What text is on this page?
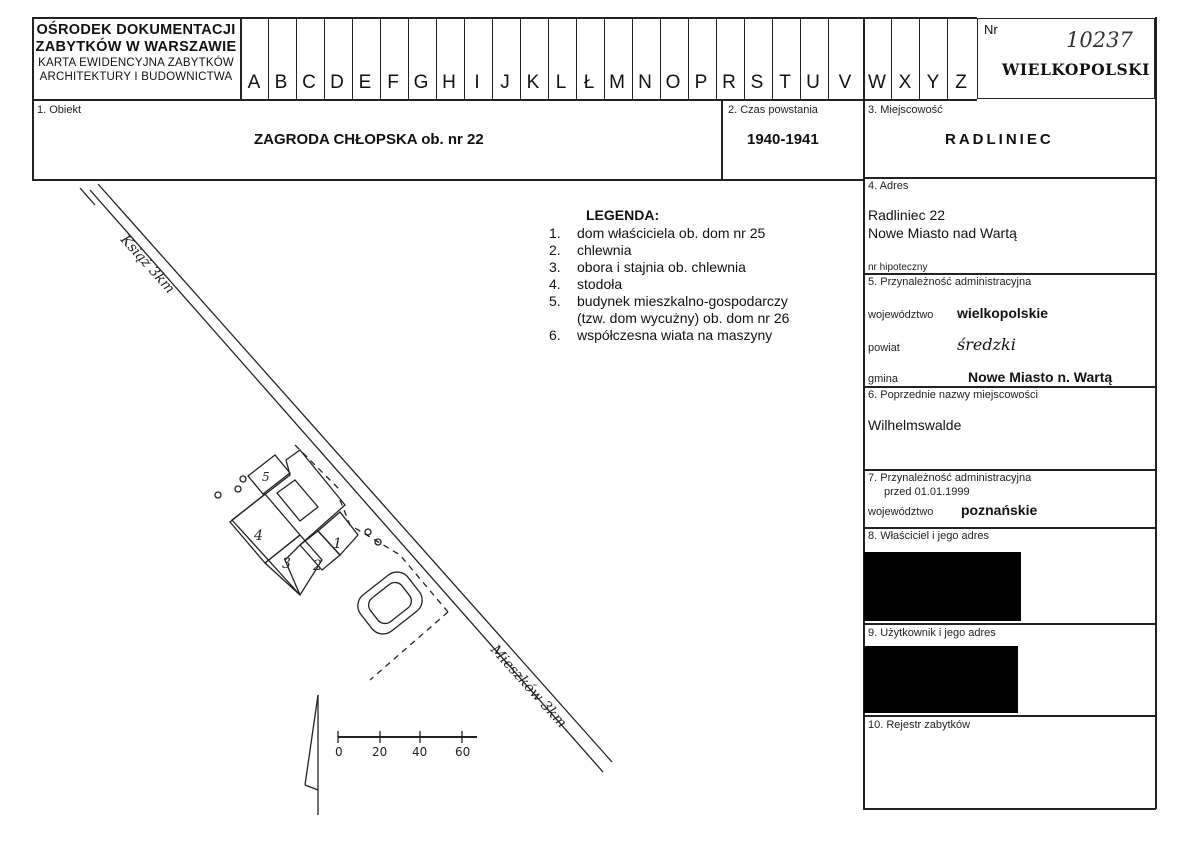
OŚRODEK DOKUMENTACJI
ZABYTKÓW W WARSZAWIE
KARTA EWIDENCYJNA ZABYTKÓW
ARCHITEKTURY I BUDOWNICTWA A B C D E F G H I	J K L Ł M N O P R S T U V W X Y Z
Nr	10237
WIELKOPOLSKI
1. Obiekt
ZAGRODA CHŁOPSKA ob. nr 22
2. Czas powstania
1940-1941
3. Miejscowość
RADLINIEC
4. Adres
Radliniec 22
Nowe Miasto nad Wartą
nr hipoteczny
5. Przynależność administracyjna
województwo wielkopolskie
powiat	średzki
gmina	Nowe Miasto n. Wartą
6. Poprzednie nazwy miejscowości
Wilhelmswalde
7. Przynależność administracyjna
przed 01.01.1999
województwo poznańskie
8. Właściciel i jego adres
9. Użytkownik i jego adres
10. Rejestr zabytków
LEGENDA:
1.	dom właściciela ob. dom nr 25
2.	chlewnia
3.	obora i stajnia ob. chlewnia
4.	stodoła
5.	budynek mieszkalno-gospodarczy
(tzw. dom wycużny) ob. dom nr 26
6.	współczesna wiata na maszyny
Książ 3km
Mieszków 3km
1
2
3
4
5
0 20 40 60
